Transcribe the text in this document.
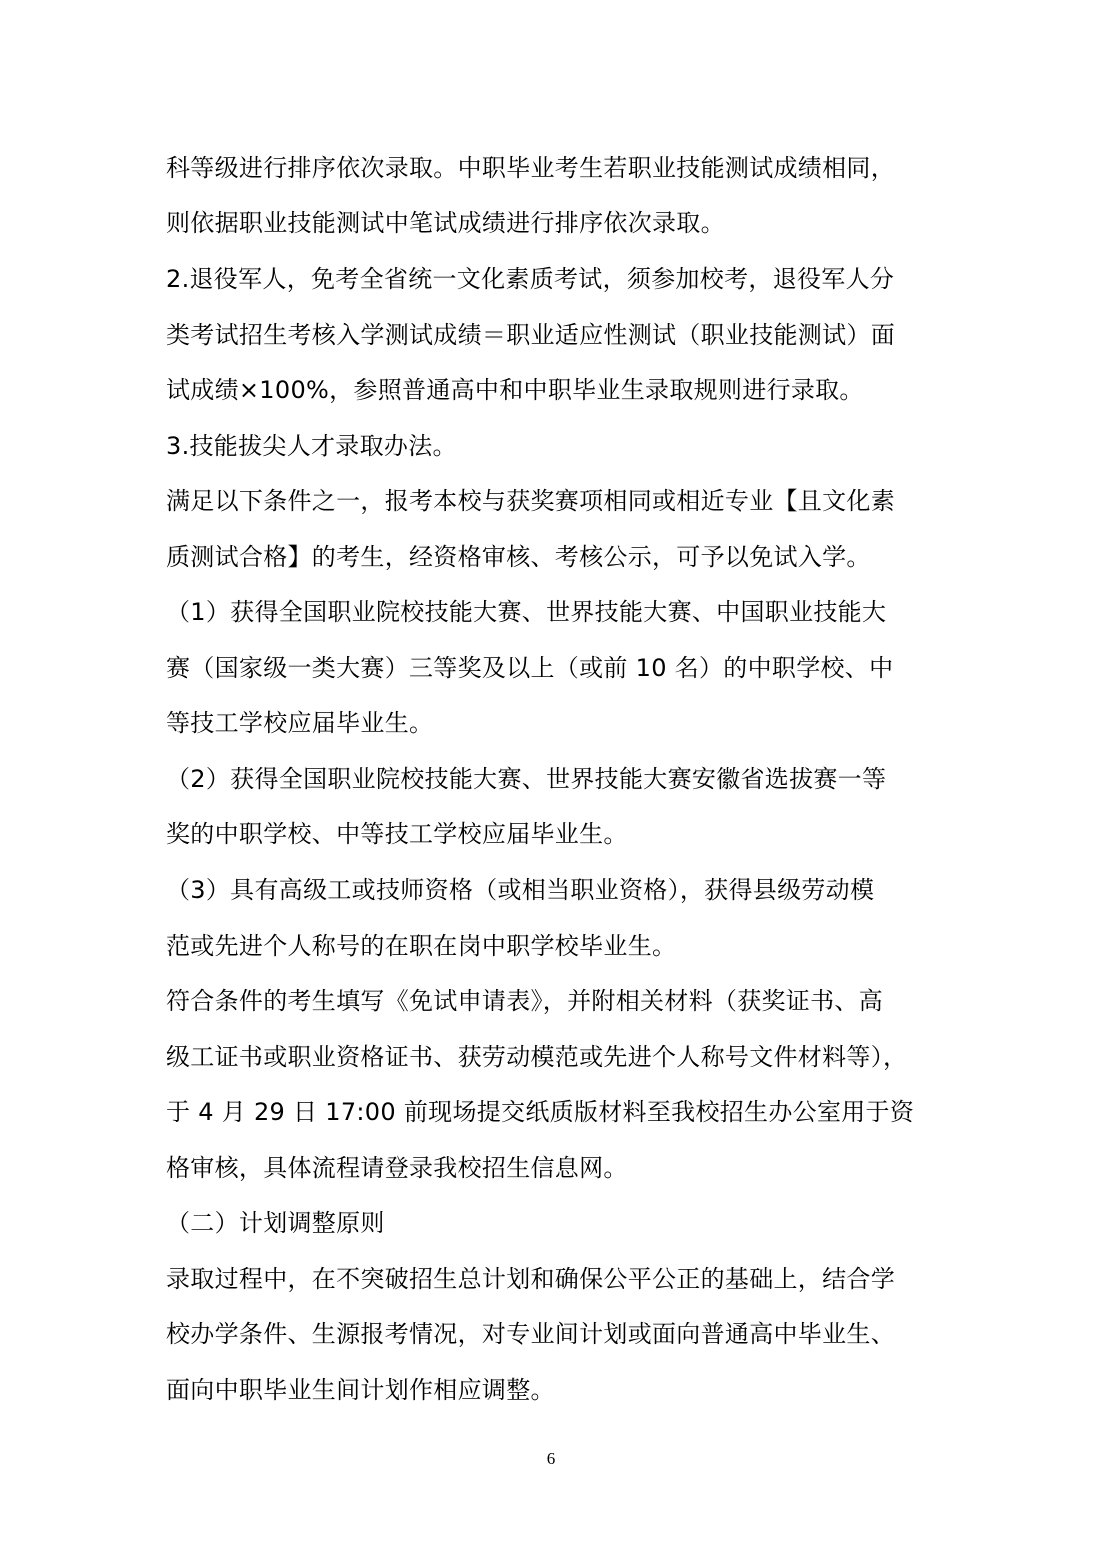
科等级进行排序依次录取。中职毕业考生若职业技能测试成绩相同，
则依据职业技能测试中笔试成绩进行排序依次录取。
2.退役军人，免考全省统一文化素质考试，须参加校考，退役军人分
类考试招生考核入学测试成绩＝职业适应性测试（职业技能测试）面
试成绩×100%，参照普通高中和中职毕业生录取规则进行录取。
3.技能拔尖人才录取办法。
满足以下条件之一，报考本校与获奖赛项相同或相近专业【且文化素
质测试合格】的考生，经资格审核、考核公示，可予以免试入学。
（1）获得全国职业院校技能大赛、世界技能大赛、中国职业技能大
赛（国家级一类大赛）三等奖及以上（或前 10 名）的中职学校、中
等技工学校应届毕业生。
（2）获得全国职业院校技能大赛、世界技能大赛安徽省选拔赛一等
奖的中职学校、中等技工学校应届毕业生。
（3）具有高级工或技师资格（或相当职业资格），获得县级劳动模
范或先进个人称号的在职在岗中职学校毕业生。
符合条件的考生填写《免试申请表》，并附相关材料（获奖证书、高
级工证书或职业资格证书、获劳动模范或先进个人称号文件材料等），
于 4 月 29 日 17:00 前现场提交纸质版材料至我校招生办公室用于资
格审核，具体流程请登录我校招生信息网。
（二）计划调整原则
录取过程中，在不突破招生总计划和确保公平公正的基础上，结合学
校办学条件、生源报考情况，对专业间计划或面向普通高中毕业生、
面向中职毕业生间计划作相应调整。
6
